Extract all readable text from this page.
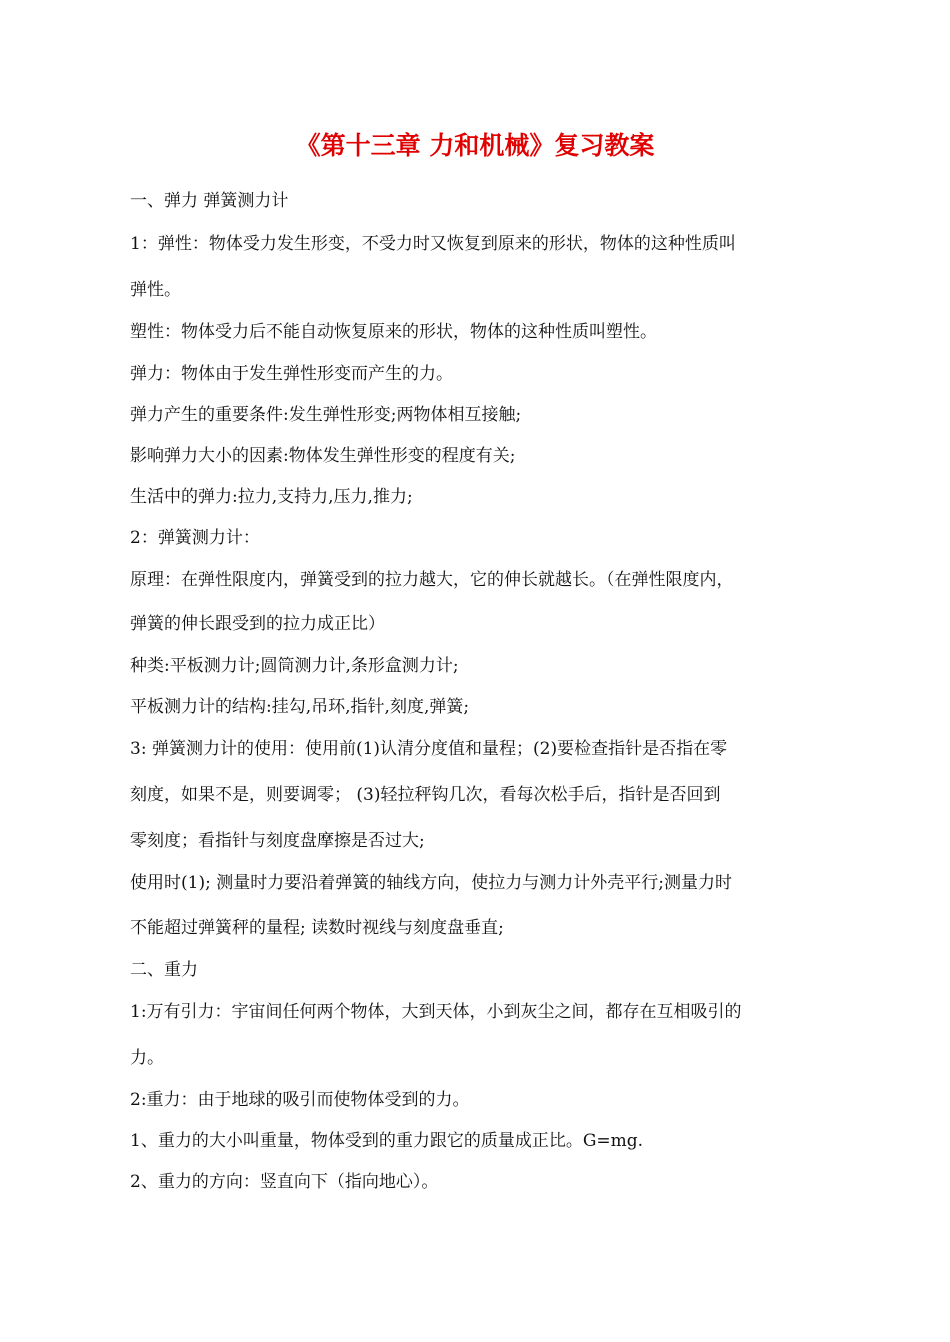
《第十三章 力和机械》复习教案
一、弹力 弹簧测力计
1：弹性：物体受力发生形变，不受力时又恢复到原来的形状，物体的这种性质叫
弹性。
塑性：物体受力后不能自动恢复原来的形状，物体的这种性质叫塑性。
弹力：物体由于发生弹性形变而产生的力。
弹力产生的重要条件:发生弹性形变;两物体相互接触;
影响弹力大小的因素:物体发生弹性形变的程度有关;
生活中的弹力:拉力,支持力,压力,推力;
2：弹簧测力计：
原理：在弹性限度内，弹簧受到的拉力越大，它的伸长就越长。（在弹性限度内，
弹簧的伸长跟受到的拉力成正比）
种类:平板测力计;圆筒测力计,条形盒测力计;
平板测力计的结构:挂勾,吊环,指针,刻度,弹簧;
3: 弹簧测力计的使用：使用前(1)认清分度值和量程；(2)要检查指针是否指在零
刻度，如果不是，则要调零； (3)轻拉秤钩几次，看每次松手后，指针是否回到
零刻度；看指针与刻度盘摩擦是否过大;
使用时(1); 测量时力要沿着弹簧的轴线方向，使拉力与测力计外壳平行;测量力时
不能超过弹簧秤的量程; 读数时视线与刻度盘垂直;
二、重力
1:万有引力：宇宙间任何两个物体，大到天体，小到灰尘之间，都存在互相吸引的
力。
2:重力：由于地球的吸引而使物体受到的力。
1、重力的大小叫重量，物体受到的重力跟它的质量成正比。G=mg.
2、重力的方向：竖直向下（指向地心）。
